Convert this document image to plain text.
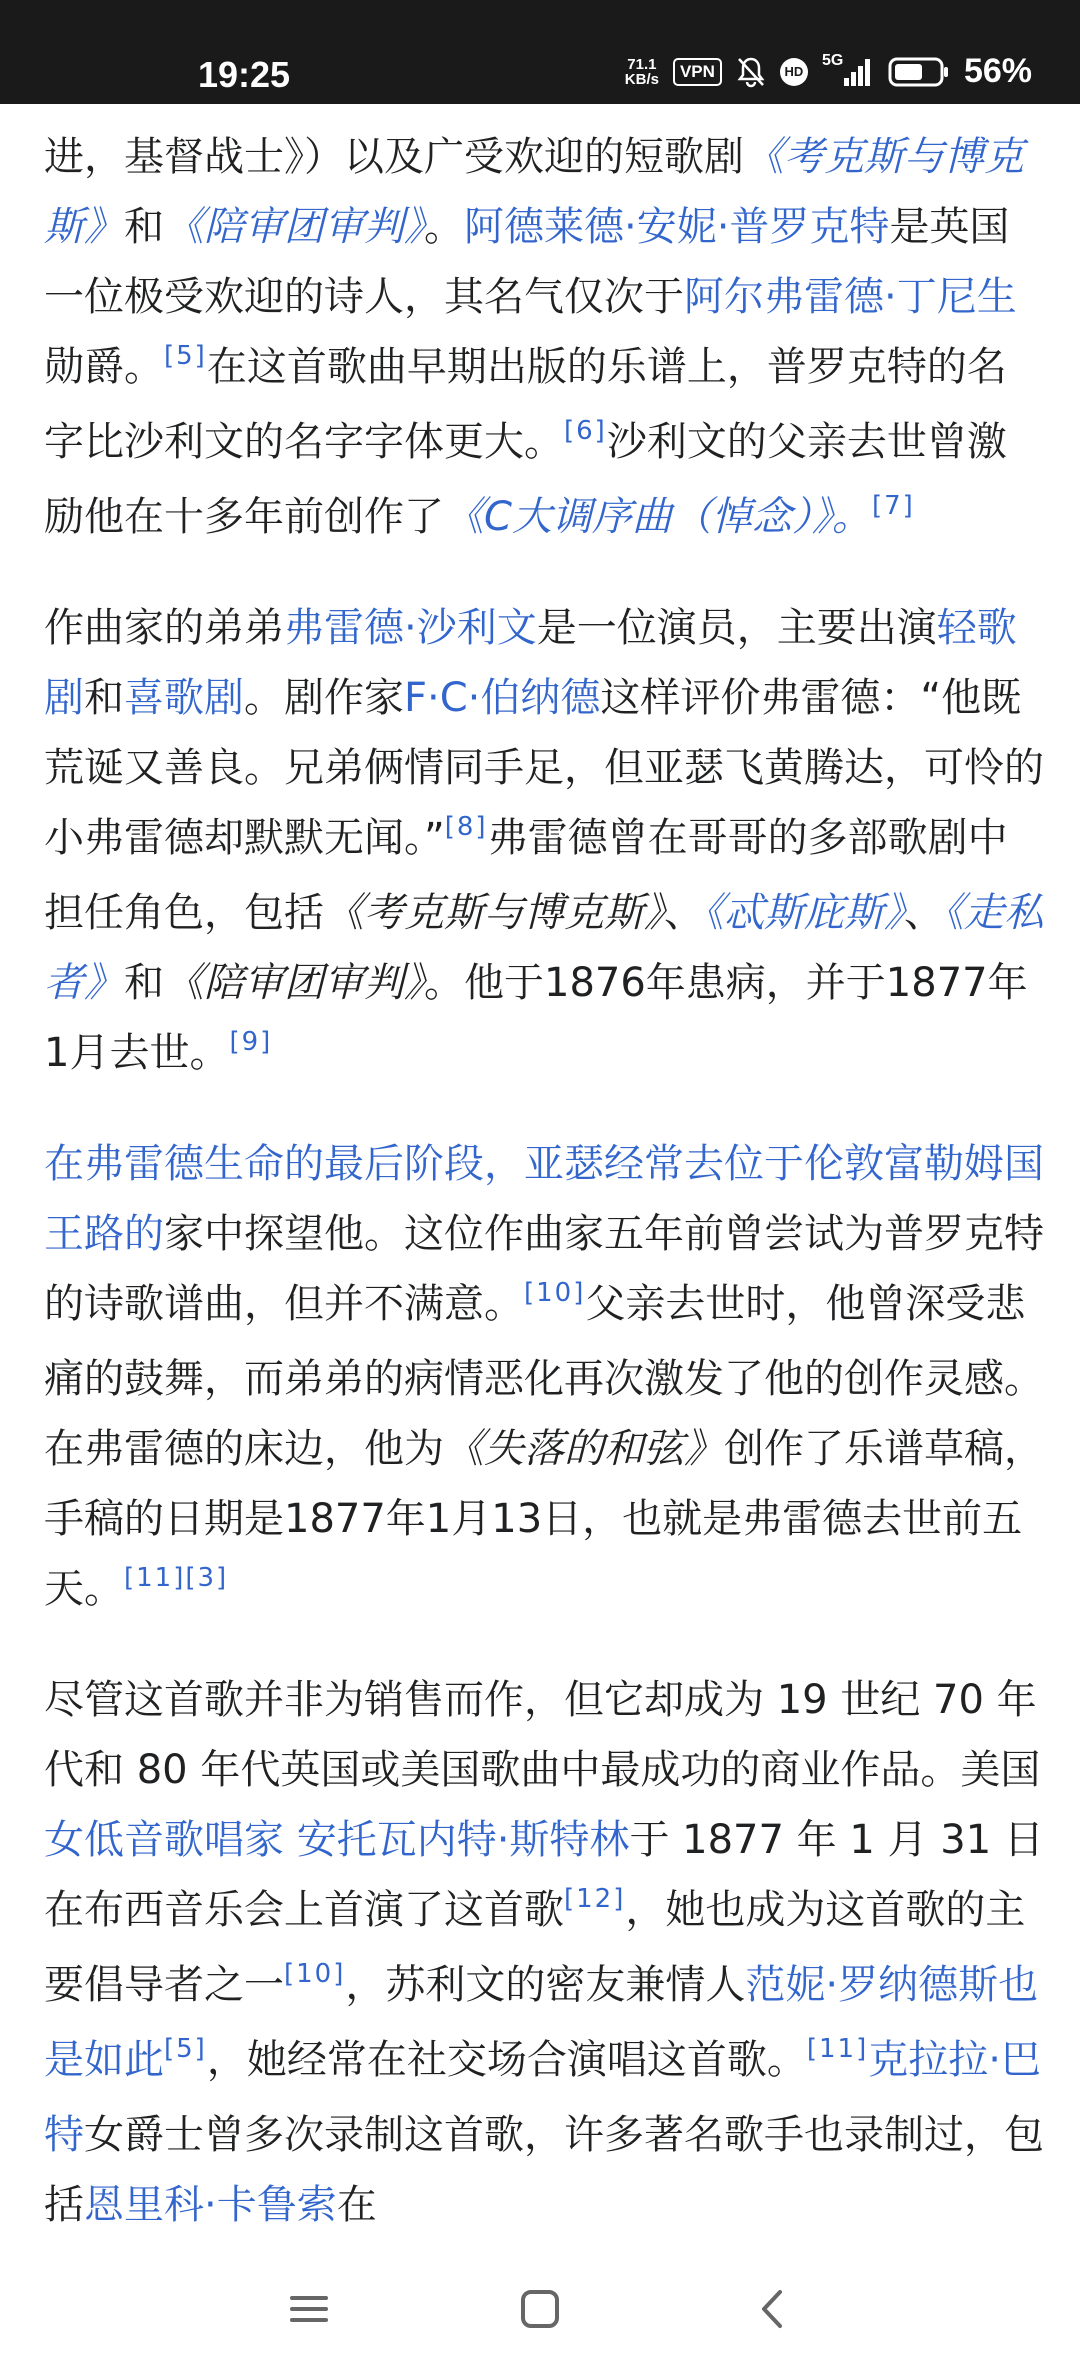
19:25	71.1
KB/s	VPN	HD
5G	56%

进，基督战士》）以及广受欢迎的短歌剧《考克斯与博克斯》和《陪审团审判》。阿德莱德·安妮·普罗克特是英国一位极受欢迎的诗人，其名气仅次于阿尔弗雷德·丁尼生勋爵。[5]在这首歌曲早期出版的乐谱上，普罗克特的名字比沙利文的名字字体更大。[6]沙利文的父亲去世曾激励他在十多年前创作了《C大调序曲（悼念）》。[7]

作曲家的弟弟弗雷德·沙利文是一位演员，主要出演轻歌剧和喜歌剧。剧作家F·C·伯纳德这样评价弗雷德：“他既荒诞又善良。兄弟俩情同手足，但亚瑟飞黄腾达，可怜的小弗雷德却默默无闻。”[8]弗雷德曾在哥哥的多部歌剧中担任角色，包括《考克斯与博克斯》、《忒斯庇斯》、《走私者》和《陪审团审判》。他于1876年患病，并于1877年1月去世。[9]

在弗雷德生命的最后阶段，亚瑟经常去位于伦敦富勒姆国王路的家中探望他。这位作曲家五年前曾尝试为普罗克特的诗歌谱曲，但并不满意。[10]父亲去世时，他曾深受悲痛的鼓舞，而弟弟的病情恶化再次激发了他的创作灵感。在弗雷德的床边，他为《失落的和弦》创作了乐谱草稿，手稿的日期是1877年1月13日，也就是弗雷德去世前五天。[11][3]

尽管这首歌并非为销售而作，但它却成为 19 世纪 70 年代和 80 年代英国或美国歌曲中最成功的商业作品。美国女低音歌唱家 安托瓦内特·斯特林于 1877 年 1 月 31 日在布西音乐会上首演了这首歌[12]，她也成为这首歌的主要倡导者之一[10]，苏利文的密友兼情人范妮·罗纳德斯也是如此[5]，她经常在社交场合演唱这首歌。[11]克拉拉·巴特女爵士曾多次录制这首歌，许多著名歌手也录制过，包括恩里科·卡鲁索在
